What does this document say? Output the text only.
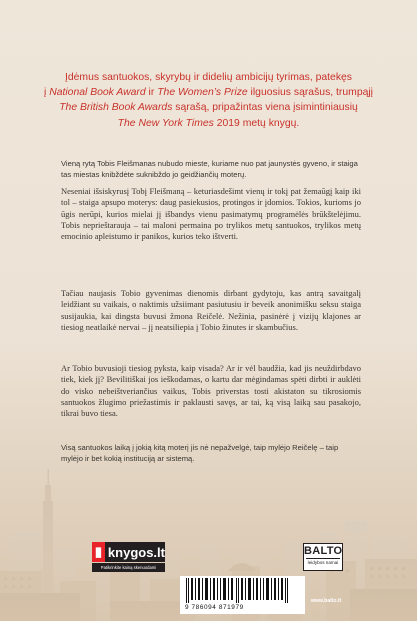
Įdėmus santuokos, skyrybų ir didelių ambicijų tyrimas, patekęs
į National Book Award ir The Women’s Prize ilguosius sąrašus, trumpąjį
The British Book Awards sąrašą, pripažintas viena įsimintiniausių
The New York Times 2019 metų knygų.
Vieną rytą Tobis Fleišmanas nubudo mieste, kuriame nuo pat jaunystės gyveno, ir staiga tas miestas knibždėte suknibždo jo geidžiančių moterų.
Neseniai išsiskyrusį Tobį Fleišmaną – keturiasdešimt vienų ir tokį pat žemaūgį kaip iki tol – staiga apsupo moterys: daug pasiekusios, protingos ir įdomios. Tokios, kurioms jo ūgis nerūpi, kurios mielai jį išbandys vienu pasimatymų programėlės brūkštelėjimu. Tobis neprieštarauja – tai maloni permaina po trylikos metų santuokos, trylikos metų emocinio apleistumo ir panikos, kurios teko ištverti.
Tačiau naujasis Tobio gyvenimas dienomis dirbant gydytoju, kas antrą savaitgalį leidžiant su vaikais, o naktimis užsiimant pasiutusiu ir beveik anonimišku seksu staiga susijaukia, kai dingsta buvusi žmona Reičelė. Nežinia, pasinėrė į vizijų klajones ar tiesiog neatlaikė nervai – jį neatsiliepia į Tobio žinutes ir skambučius.
Ar Tobio buvusioji tiesiog pyksta, kaip visada? Ar ir vėl baudžia, kad jis neuždirbdavo tiek, kiek jį? Bevilitiškai jos ieškodamas, o kartu dar mėgindamas spėti dirbti ir auklėti do visko nebeištveriančius vaikus, Tobis priverstas tosti akistaton su tikrosiomis santuokos žlugimo priežastimis ir paklausti savęs, ar tai, ką visą laiką sau pasakojo, tikrai buvo tiesa.
Visą santuokos laiką į jokią kitą moterį jis nė nepažvelgė, taip mylėjo Reičelę – taip mylėjo ir bet kokią instituciją ar sistemą.
▮ knygos.lt
Patikrinkite kainą skenuodami
BALTO
leidybos namai
9 786094 871979
www.balto.lt
